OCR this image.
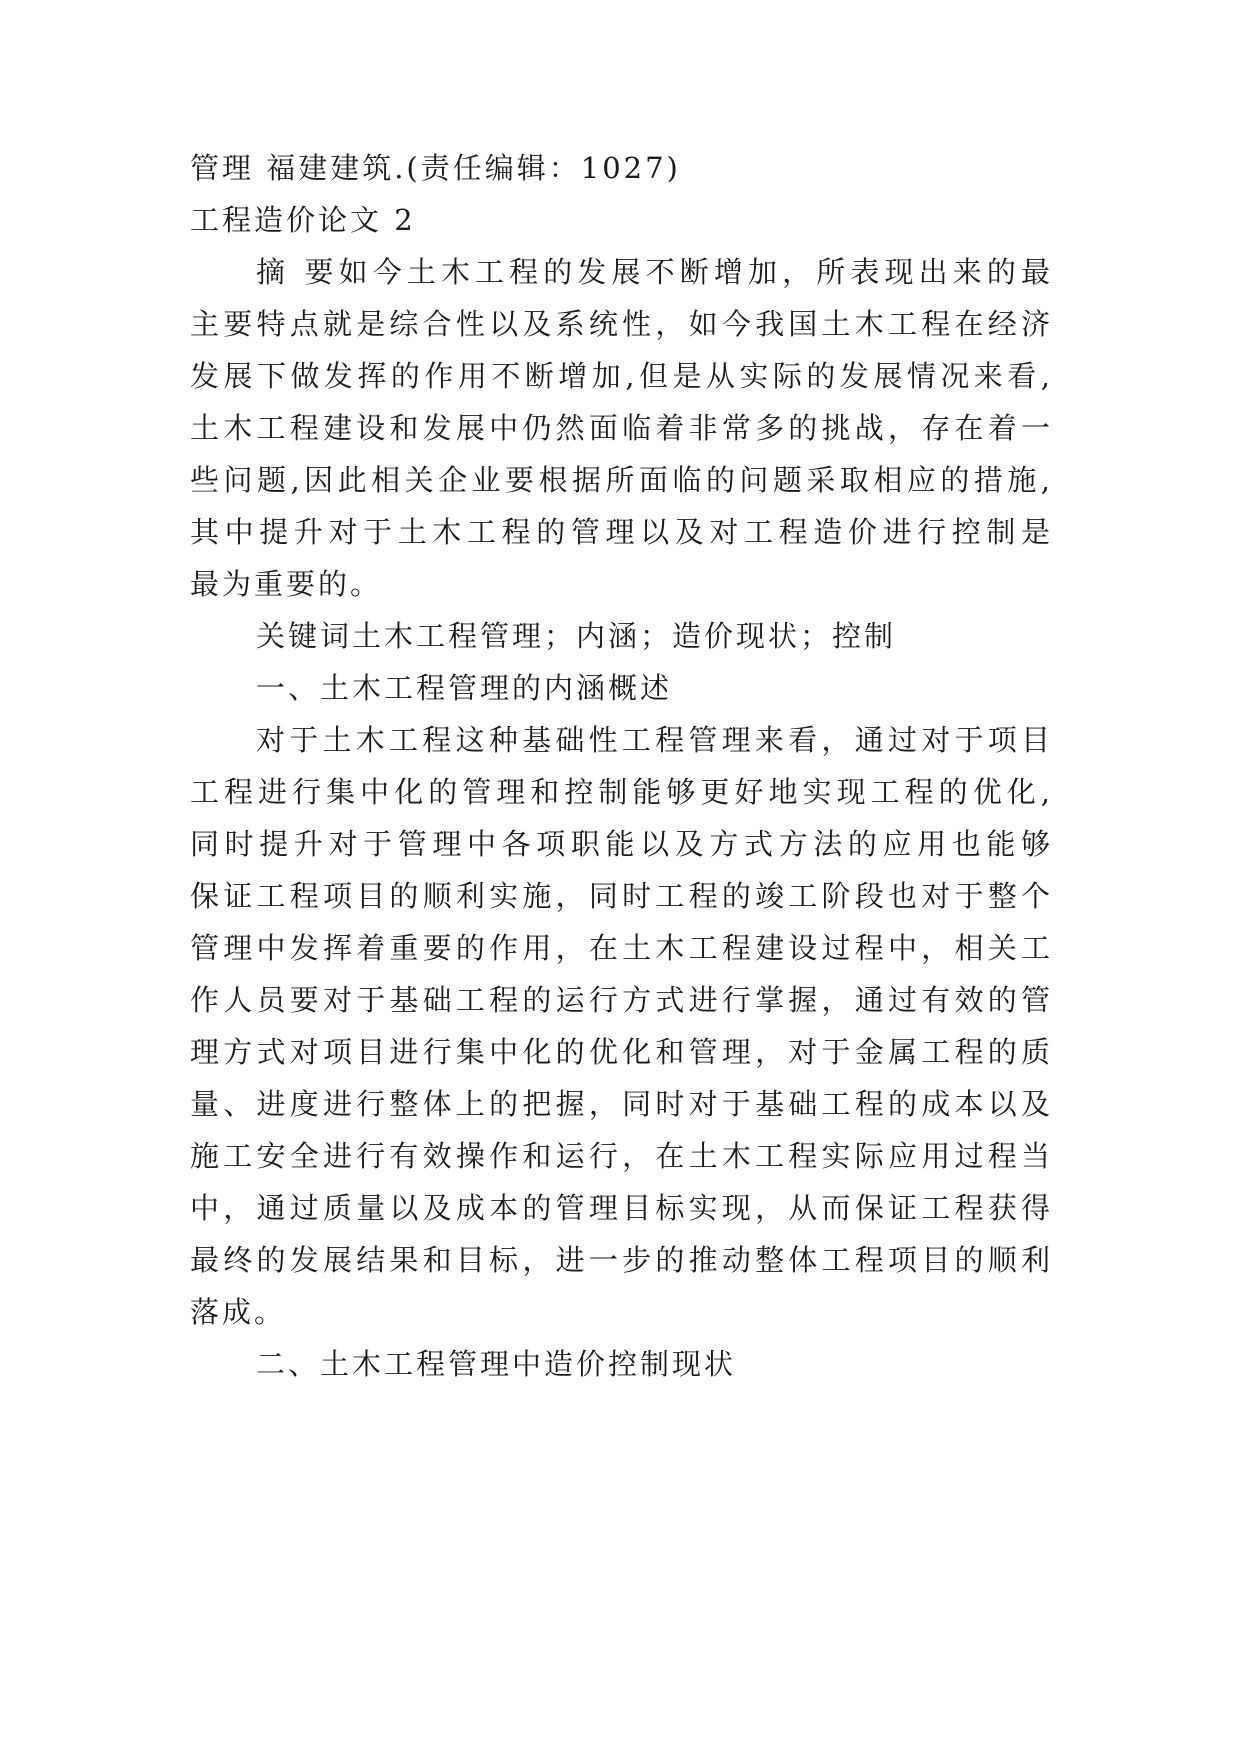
管理 福建建筑.(责任编辑：1027)
工程造价论文 2
摘 要如今土木工程的发展不断增加，所表现出来的最
主要特点就是综合性以及系统性，如今我国土木工程在经济
发展下做发挥的作用不断增加,但是从实际的发展情况来看,
土木工程建设和发展中仍然面临着非常多的挑战，存在着一
些问题,因此相关企业要根据所面临的问题采取相应的措施,
其中提升对于土木工程的管理以及对工程造价进行控制是
最为重要的。
关键词土木工程管理；内涵；造价现状；控制
一、土木工程管理的内涵概述
对于土木工程这种基础性工程管理来看，通过对于项目
工程进行集中化的管理和控制能够更好地实现工程的优化,
同时提升对于管理中各项职能以及方式方法的应用也能够
保证工程项目的顺利实施，同时工程的竣工阶段也对于整个
管理中发挥着重要的作用，在土木工程建设过程中，相关工
作人员要对于基础工程的运行方式进行掌握，通过有效的管
理方式对项目进行集中化的优化和管理，对于金属工程的质
量、进度进行整体上的把握，同时对于基础工程的成本以及
施工安全进行有效操作和运行，在土木工程实际应用过程当
中，通过质量以及成本的管理目标实现，从而保证工程获得
最终的发展结果和目标，进一步的推动整体工程项目的顺利
落成。
二、土木工程管理中造价控制现状
